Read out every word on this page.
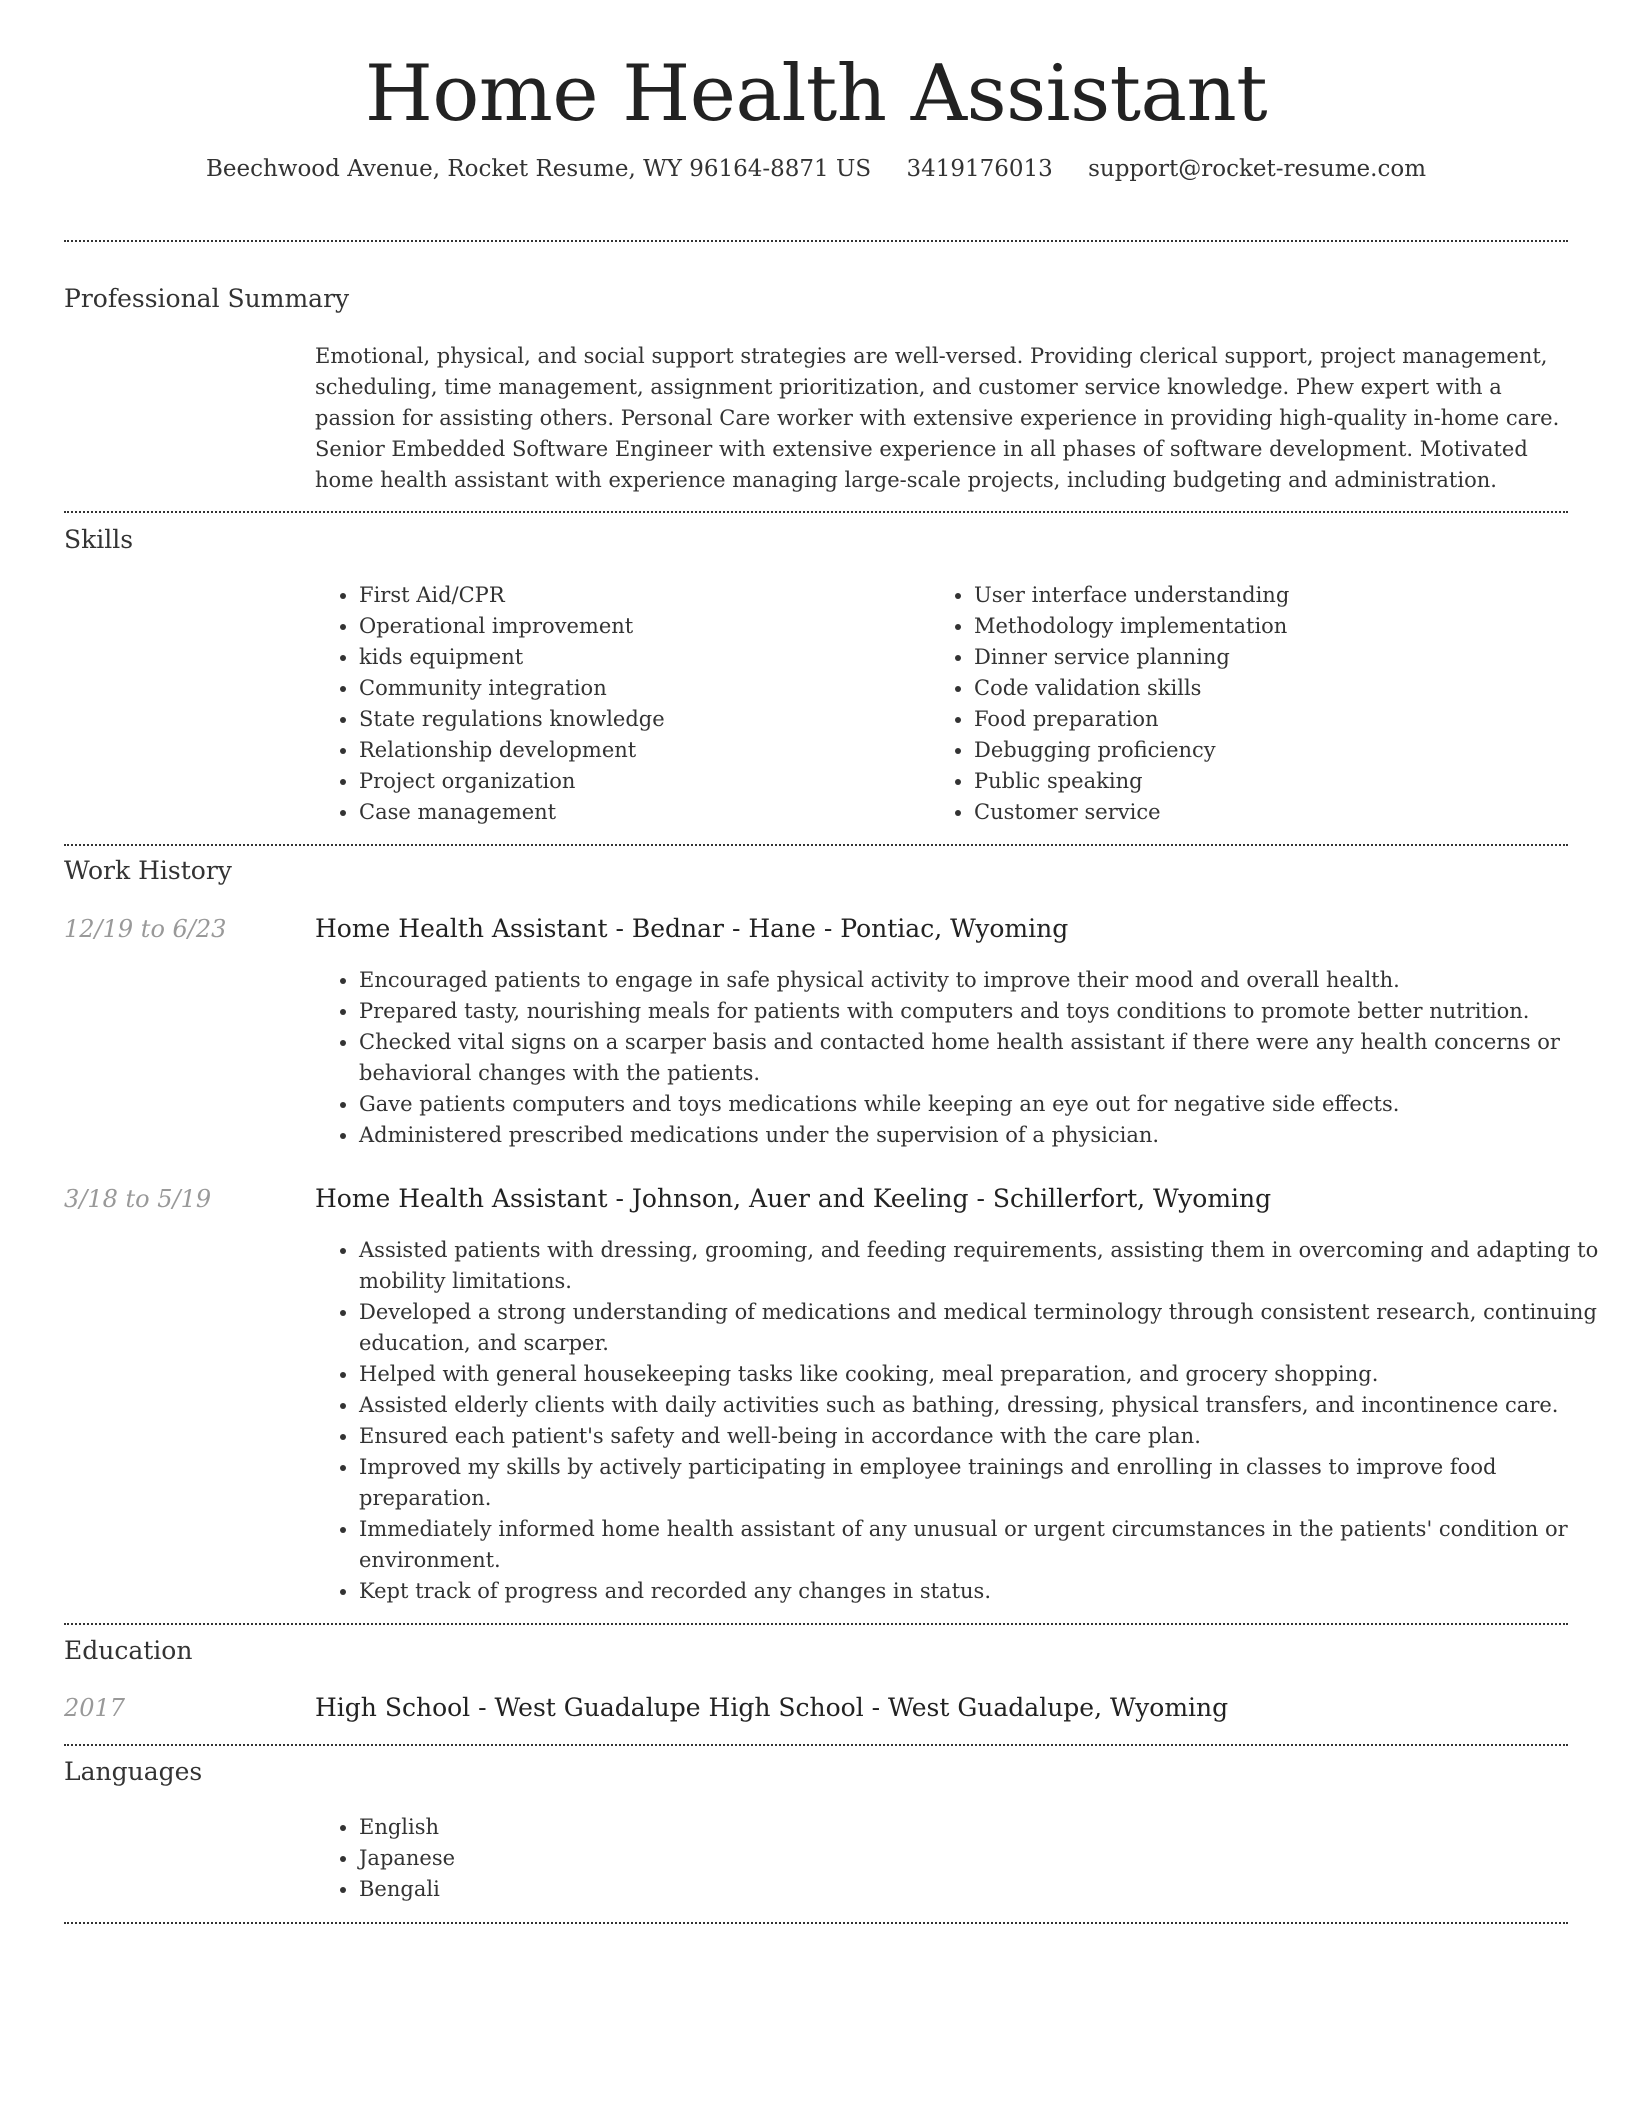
Home Health Assistant
Beechwood Avenue, Rocket Resume, WY 96164-8871 US 3419176013 support@rocket-resume.com
Professional Summary
Emotional, physical, and social support strategies are well-versed. Providing clerical support, project management, scheduling, time management, assignment prioritization, and customer service knowledge. Phew expert with a passion for assisting others. Personal Care worker with extensive experience in providing high-quality in-home care. Senior Embedded Software Engineer with extensive experience in all phases of software development. Motivated home health assistant with experience managing large-scale projects, including budgeting and administration.
Skills
• First Aid/CPR
• Operational improvement
• kids equipment
• Community integration
• State regulations knowledge
• Relationship development
• Project organization
• Case management
• User interface understanding
• Methodology implementation
• Dinner service planning
• Code validation skills
• Food preparation
• Debugging proficiency
• Public speaking
• Customer service
Work History
12/19 to 6/23	Home Health Assistant - Bednar - Hane - Pontiac, Wyoming
• Encouraged patients to engage in safe physical activity to improve their mood and overall health.
• Prepared tasty, nourishing meals for patients with computers and toys conditions to promote better nutrition.
• Checked vital signs on a scarper basis and contacted home health assistant if there were any health concerns or behavioral changes with the patients.
• Gave patients computers and toys medications while keeping an eye out for negative side effects.
• Administered prescribed medications under the supervision of a physician.
3/18 to 5/19	Home Health Assistant - Johnson, Auer and Keeling - Schillerfort, Wyoming
• Assisted patients with dressing, grooming, and feeding requirements, assisting them in overcoming and adapting to mobility limitations.
• Developed a strong understanding of medications and medical terminology through consistent research, continuing education, and scarper.
• Helped with general housekeeping tasks like cooking, meal preparation, and grocery shopping.
• Assisted elderly clients with daily activities such as bathing, dressing, physical transfers, and incontinence care.
• Ensured each patient's safety and well-being in accordance with the care plan.
• Improved my skills by actively participating in employee trainings and enrolling in classes to improve food preparation.
• Immediately informed home health assistant of any unusual or urgent circumstances in the patients' condition or environment.
• Kept track of progress and recorded any changes in status.
Education
2017	High School - West Guadalupe High School - West Guadalupe, Wyoming
Languages
• English
• Japanese
• Bengali
